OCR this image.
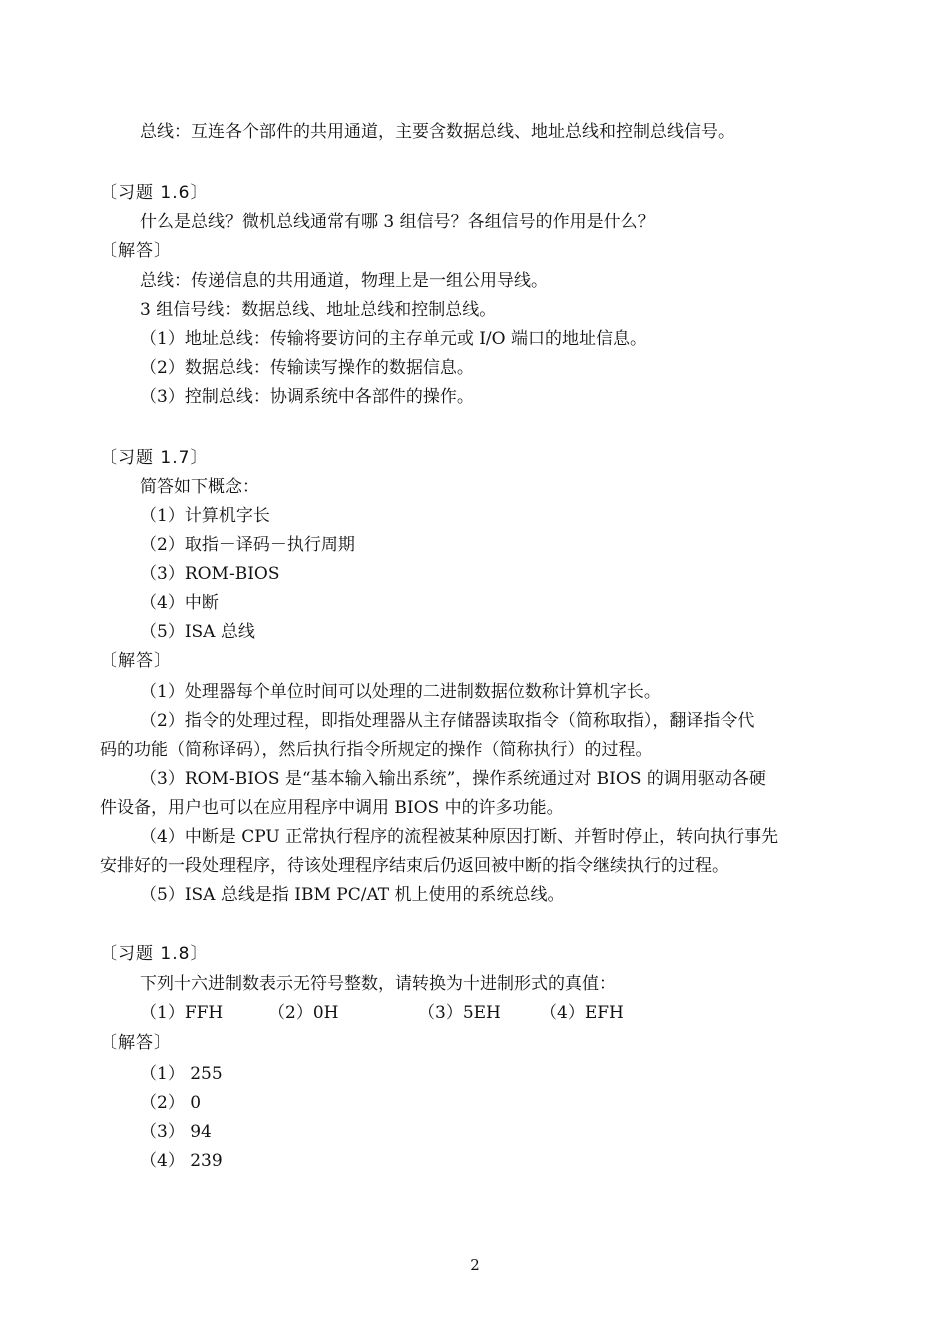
总线：互连各个部件的共用通道，主要含数据总线、地址总线和控制总线信号。
〔习题 1.6〕
什么是总线？微机总线通常有哪 3 组信号？各组信号的作用是什么？
〔解答〕
总线：传递信息的共用通道，物理上是一组公用导线。
3 组信号线：数据总线、地址总线和控制总线。
（1）地址总线：传输将要访问的主存单元或 I/O 端口的地址信息。
（2）数据总线：传输读写操作的数据信息。
（3）控制总线：协调系统中各部件的操作。
〔习题 1.7〕
简答如下概念：
（1）计算机字长
（2）取指－译码－执行周期
（3）ROM-BIOS
（4）中断
（5）ISA 总线
〔解答〕
（1）处理器每个单位时间可以处理的二进制数据位数称计算机字长。
（2）指令的处理过程，即指处理器从主存储器读取指令（简称取指），翻译指令代
码的功能（简称译码），然后执行指令所规定的操作（简称执行）的过程。
（3）ROM-BIOS 是“基本输入输出系统”，操作系统通过对 BIOS 的调用驱动各硬
件设备，用户也可以在应用程序中调用 BIOS 中的许多功能。
（4）中断是 CPU 正常执行程序的流程被某种原因打断、并暂时停止，转向执行事先
安排好的一段处理程序，待该处理程序结束后仍返回被中断的指令继续执行的过程。
（5）ISA 总线是指 IBM PC/AT 机上使用的系统总线。
〔习题 1.8〕
下列十六进制数表示无符号整数，请转换为十进制形式的真值：
（1）FFH	（2）0H	（3）5EH （4）EFH
〔解答〕
（1） 255
（2） 0
（3） 94
（4） 239
2
